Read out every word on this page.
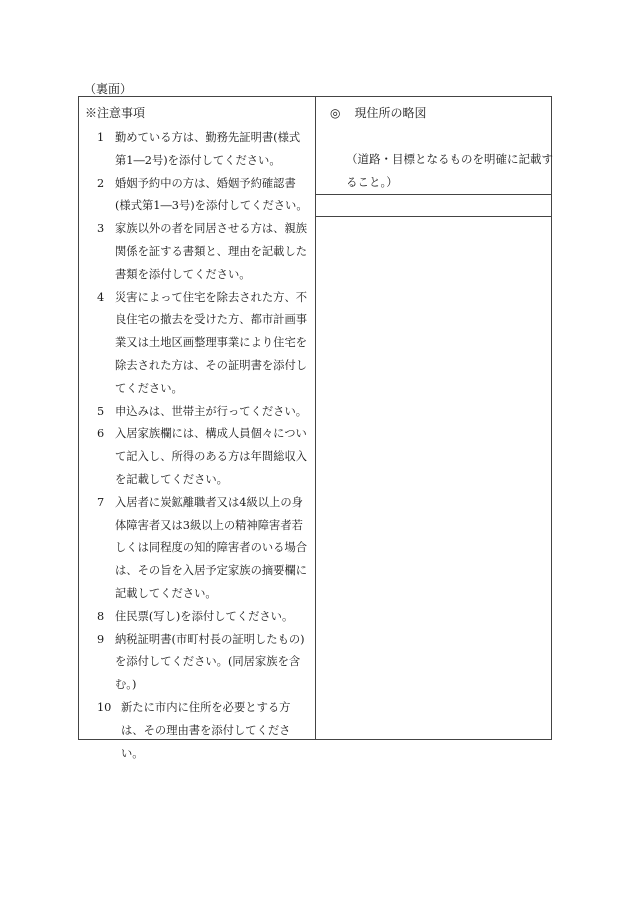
（裏面）
※注意事項
1 勤めている方は、勤務先証明書(様式第1―2号)を添付してください。
2 婚姻予約中の方は、婚姻予約確認書(様式第1―3号)を添付してください。
3 家族以外の者を同居させる方は、親族関係を証する書類と、理由を記載した書類を添付してください。
4 災害によって住宅を除去された方、不良住宅の撤去を受けた方、都市計画事業又は土地区画整理事業により住宅を除去された方は、その証明書を添付してください。
5 申込みは、世帯主が行ってください。
6 入居家族欄には、構成人員個々について記入し、所得のある方は年間総収入を記載してください。
7 入居者に炭鉱離職者又は4級以上の身体障害者又は3級以上の精神障害者若しくは同程度の知的障害者のいる場合は、その旨を入居予定家族の摘要欄に記載してください。
8 住民票(写し)を添付してください。
9 納税証明書(市町村長の証明したもの)を添付してください。(同居家族を含む。)
10 新たに市内に住所を必要とする方は、その理由書を添付してください。
◎ 現住所の略図
（道路・目標となるものを明確に記載すること。）
